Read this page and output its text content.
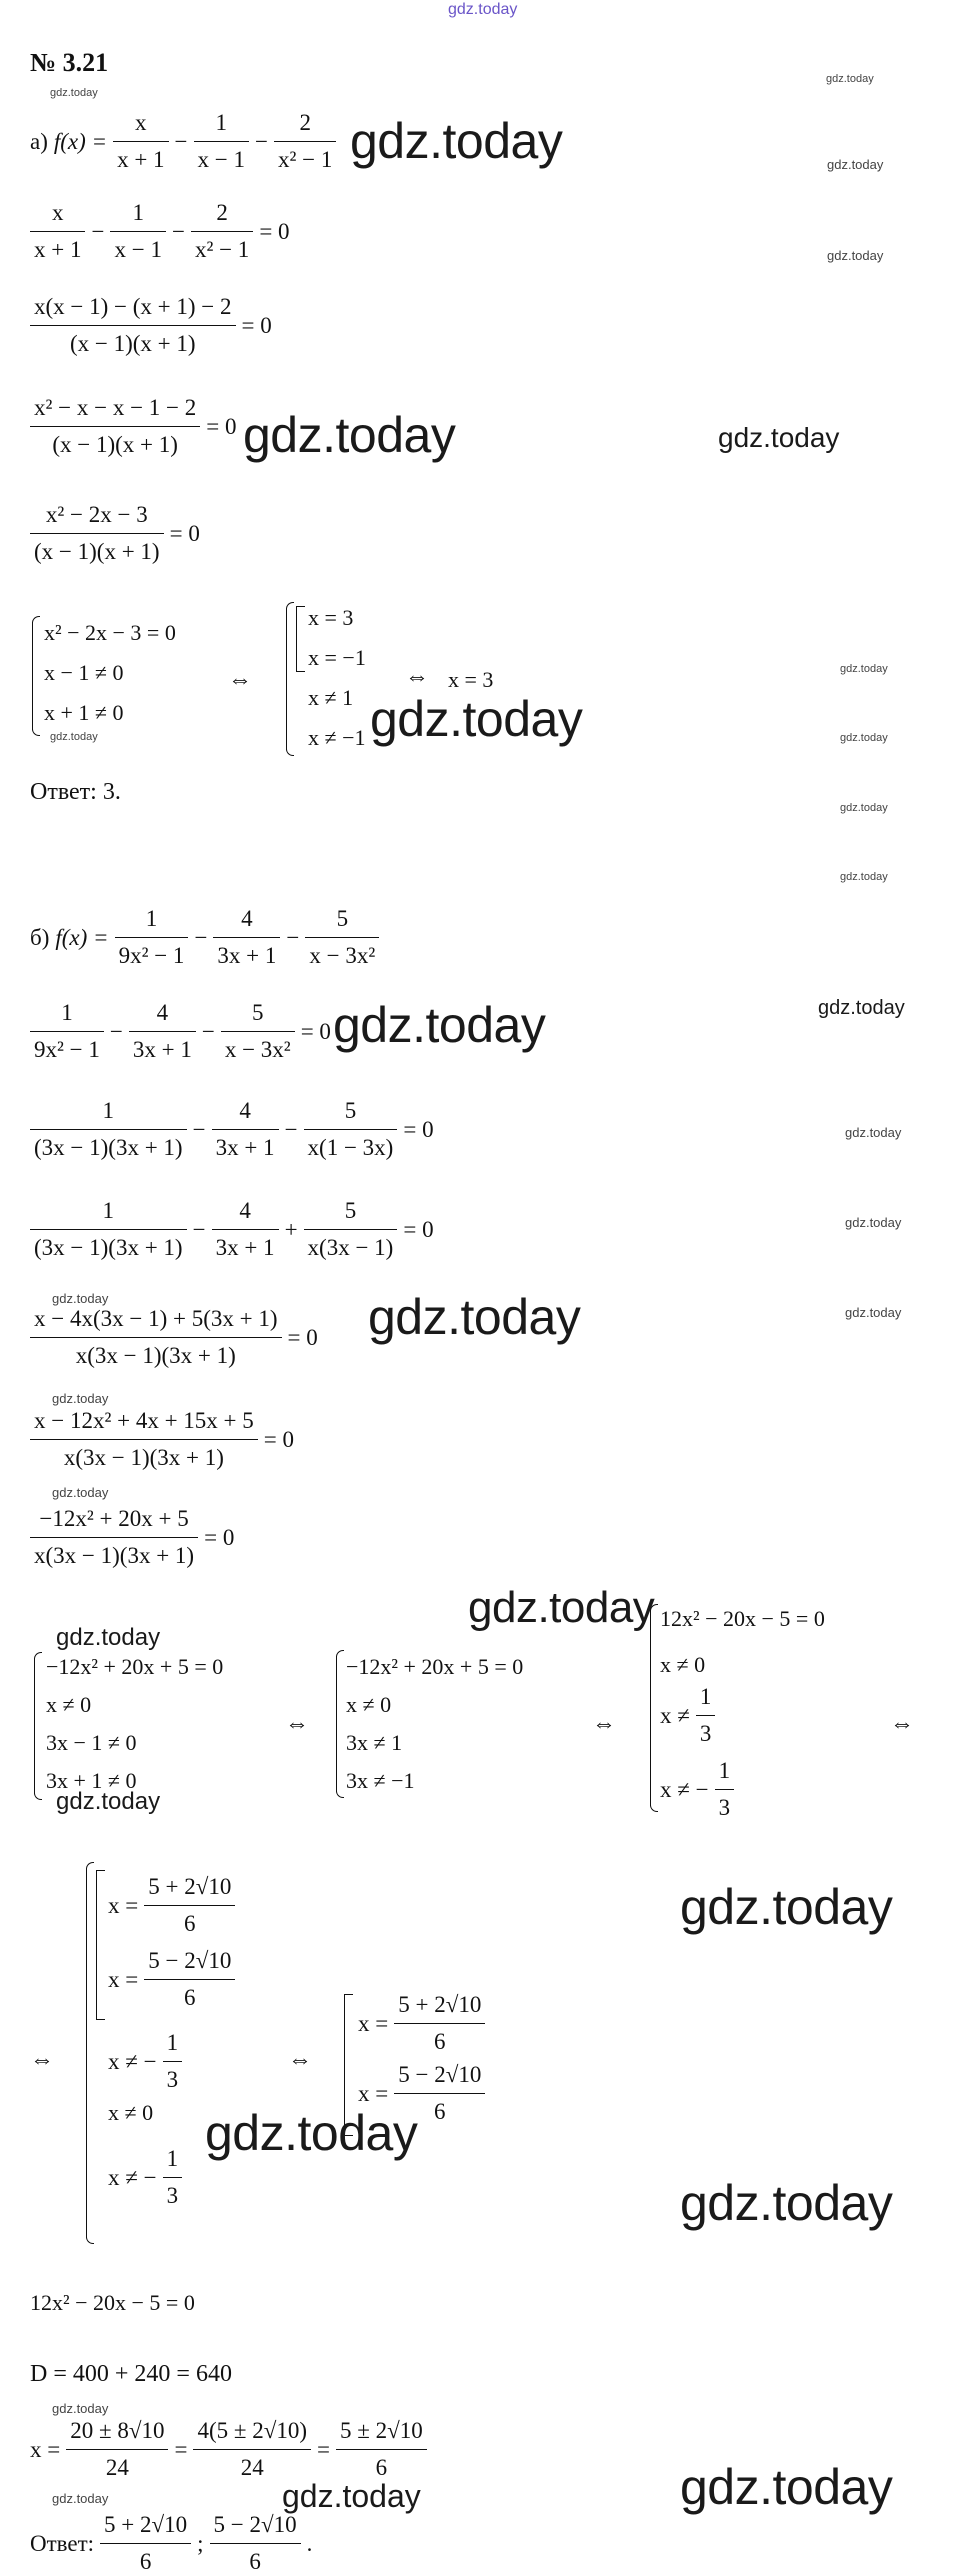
gdz.today
№ 3.21
gdz.today
gdz.today
gdz.today
gdz.today
а) $f(x) = \frac{x}{x + 1} - \frac{1}{x - 1} - \frac{2}{\text{x² − 1}}$ gdz.today
$\frac{x}{x + 1} - \frac{1}{x - 1} - \frac{2}{\text{x² − 1}} = 0$
$\frac{x(x - 1) - (x + 1) - 2}{(x - 1)(x + 1)} = 0$
$\frac{\text{x² − x − x − 1 − 2}}{(x - 1)(x + 1)} = 0$ gdz.today	gdz.today
$\frac{\text{x² − 2x − 3}}{(x - 1)(x + 1)} = 0$
x² − 2x − 3 = 0
x − 1 ≠ 0
x + 1 ≠ 0
gdz.today
⇔
x = 3
x = −1
x ≠ 1
x ≠ −1
⇔ x = 3
gdz.today
gdz.today
gdz.today
gdz.today
gdz.today
Ответ: 3.
б) $f(x) = \frac{1}{\text{9x² − 1}} - \frac{4}{3x + 1} - \frac{5}{\text{x − 3x²}}$
$\frac{1}{\text{9x² − 1}} - \frac{4}{3x + 1} - \frac{5}{\text{x − 3x²}} = 0$ gdz.today	gdz.today
$\frac{1}{(3x - 1)(3x + 1)} - \frac{4}{3x + 1} - \frac{5}{x(1 - 3x)} = 0$	gdz.today
$\frac{1}{(3x - 1)(3x + 1)} - \frac{4}{3x + 1} + \frac{5}{x(3x - 1)} = 0$	gdz.today
gdz.today
$\frac{x - 4x(3x - 1) + 5(3x + 1)}{x(3x - 1)(3x + 1)} = 0$ gdz.today	gdz.today
gdz.today
$\frac{\text{x − 12x² + 4x + 15x + 5}}{x(3x - 1)(3x + 1)} = 0$
gdz.today
$\frac{\text{−12x² + 20x + 5}}{x(3x - 1)(3x + 1)} = 0$
gdz.today
gdz.today
−12x² + 20x + 5 = 0
x ≠ 0
3x − 1 ≠ 0
3x + 1 ≠ 0
gdz.today
⇔
−12x² + 20x + 5 = 0
x ≠ 0
3x ≠ 1
3x ≠ −1
⇔
12x² − 20x − 5 = 0
x ≠ 0
$x \ne \frac{1}{3}$
x ≠ − $\frac{1}{3}$
⇔
⇔
$x = \frac{5 + 2√10}{6}$
$x = \frac{5 - 2√10}{6}$
x ≠ − $\frac{1}{3}$
x ≠ 0
x ≠ − $\frac{1}{3}$
⇔
$x = \frac{5 + 2√10}{6}$
$x = \frac{5 - 2√10}{6}$
gdz.today
gdz.today
gdz.today
12x² − 20x − 5 = 0
D = 400 + 240 = 640
gdz.today
$x = \frac{20 \pm 8√10}{24} = \frac{4(5 \pm 2√10)}{24} = \frac{5 \pm 2√10}{6}$
gdz.today	gdz.today	gdz.today
Ответ: $\frac{5 + 2√10}{6}$ ; $\frac{5 - 2√10}{6}$ .
